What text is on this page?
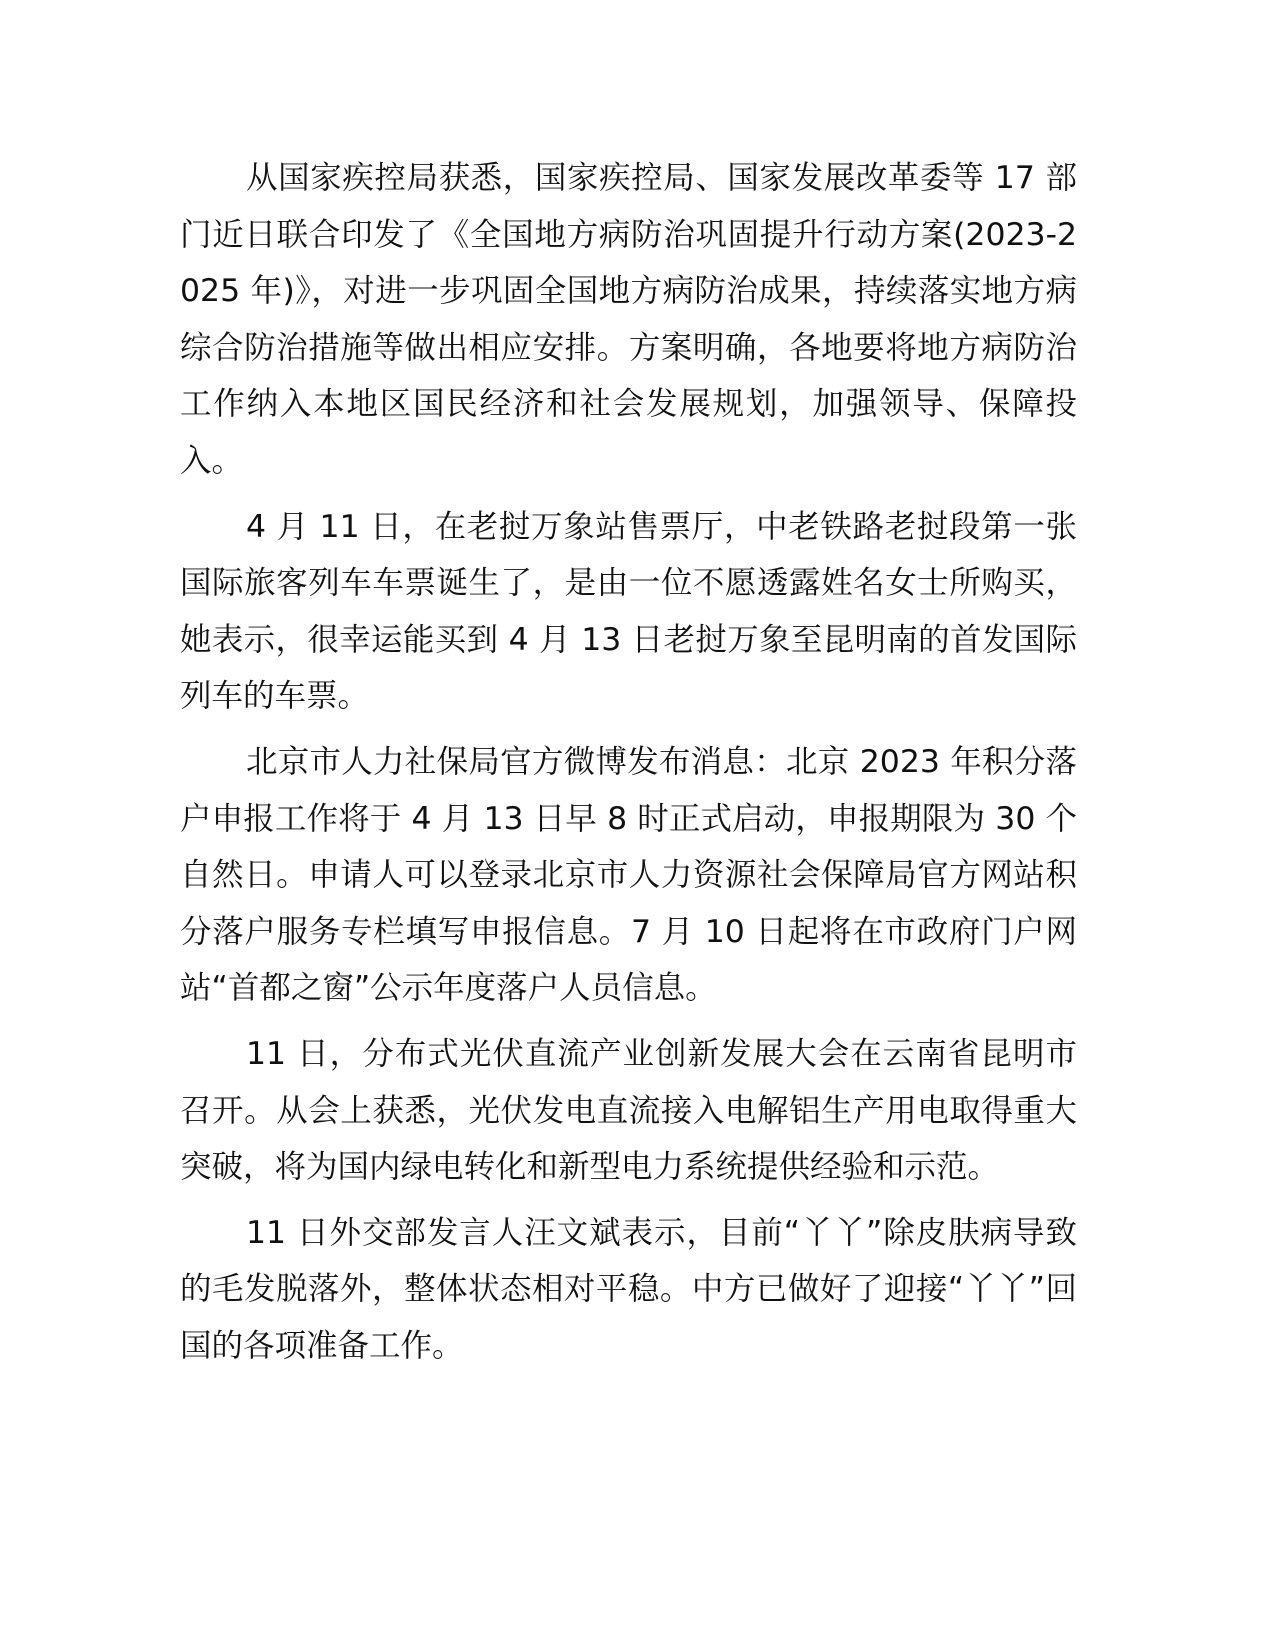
从国家疾控局获悉，国家疾控局、国家发展改革委等 17 部门近日联合印发了《全国地方病防治巩固提升行动方案(2023-2025 年)》，对进一步巩固全国地方病防治成果，持续落实地方病综合防治措施等做出相应安排。方案明确，各地要将地方病防治工作纳入本地区国民经济和社会发展规划，加强领导、保障投入。

4 月 11 日，在老挝万象站售票厅，中老铁路老挝段第一张国际旅客列车车票诞生了，是由一位不愿透露姓名女士所购买，她表示，很幸运能买到 4 月 13 日老挝万象至昆明南的首发国际列车的车票。

北京市人力社保局官方微博发布消息：北京 2023 年积分落户申报工作将于 4 月 13 日早 8 时正式启动，申报期限为 30 个自然日。申请人可以登录北京市人力资源社会保障局官方网站积分落户服务专栏填写申报信息。7 月 10 日起将在市政府门户网站“首都之窗”公示年度落户人员信息。

11 日，分布式光伏直流产业创新发展大会在云南省昆明市召开。从会上获悉，光伏发电直流接入电解铝生产用电取得重大突破，将为国内绿电转化和新型电力系统提供经验和示范。

11 日外交部发言人汪文斌表示，目前“丫丫”除皮肤病导致的毛发脱落外，整体状态相对平稳。中方已做好了迎接“丫丫”回国的各项准备工作。
